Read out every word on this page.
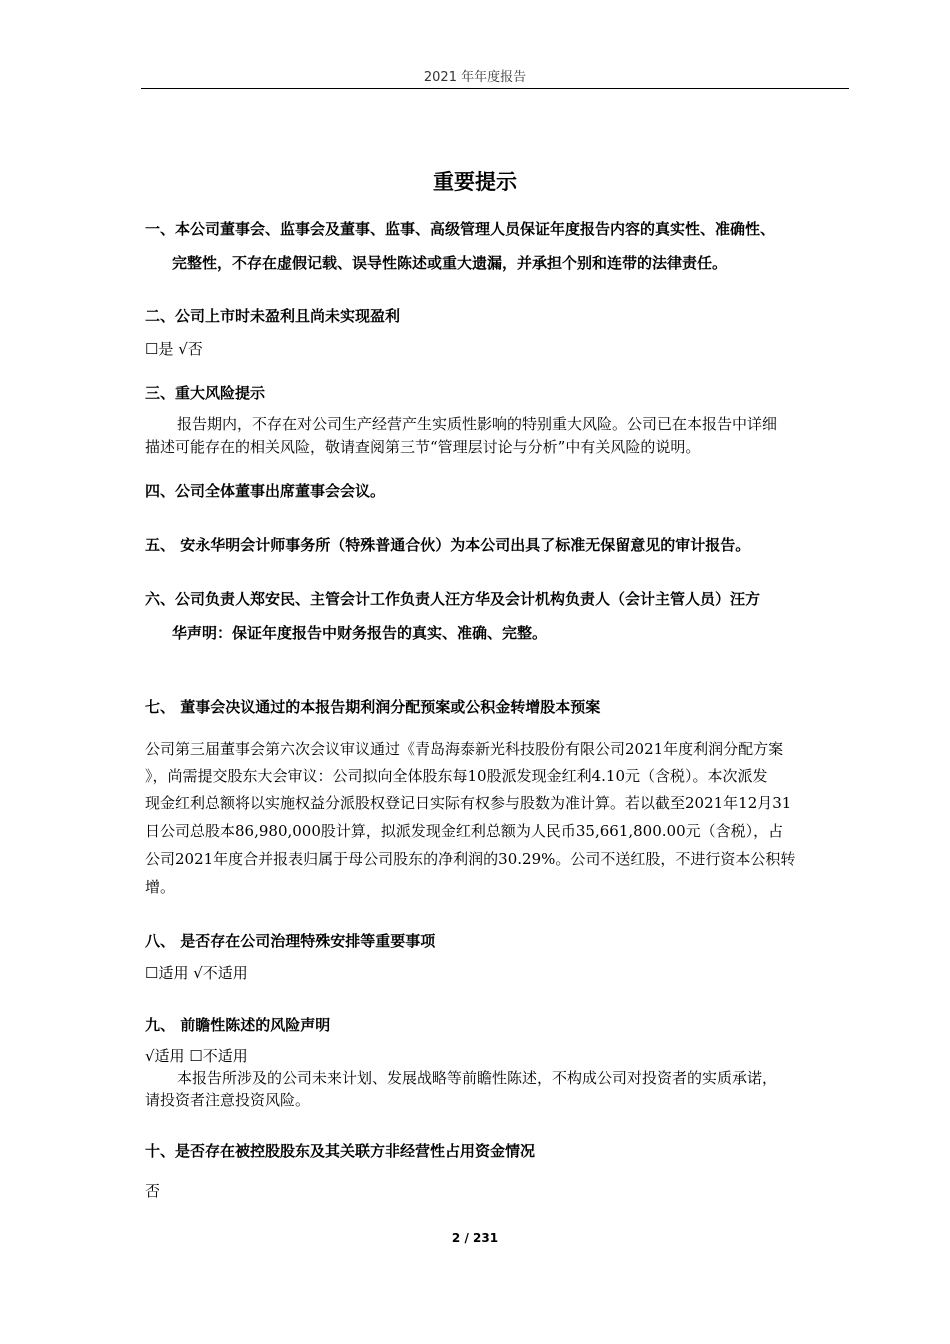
2021 年年度报告
重要提示
一、本公司董事会、监事会及董事、监事、高级管理人员保证年度报告内容的真实性、准确性、
完整性，不存在虚假记载、误导性陈述或重大遗漏，并承担个别和连带的法律责任。
二、公司上市时未盈利且尚未实现盈利
☐是 √否
三、重大风险提示
报告期内，不存在对公司生产经营产生实质性影响的特别重大风险。公司已在本报告中详细
描述可能存在的相关风险，敬请查阅第三节“管理层讨论与分析”中有关风险的说明。
四、公司全体董事出席董事会会议。
五、 安永华明会计师事务所（特殊普通合伙）为本公司出具了标准无保留意见的审计报告。
六、公司负责人郑安民、主管会计工作负责人汪方华及会计机构负责人（会计主管人员）汪方
华声明：保证年度报告中财务报告的真实、准确、完整。
七、 董事会决议通过的本报告期利润分配预案或公积金转增股本预案
公司第三届董事会第六次会议审议通过《青岛海泰新光科技股份有限公司2021年度利润分配方案
》，尚需提交股东大会审议：公司拟向全体股东每10股派发现金红利4.10元（含税）。本次派发
现金红利总额将以实施权益分派股权登记日实际有权参与股数为准计算。若以截至2021年12月31
日公司总股本86,980,000股计算，拟派发现金红利总额为人民币35,661,800.00元（含税），占
公司2021年度合并报表归属于母公司股东的净利润的30.29%。公司不送红股，不进行资本公积转
增。
八、 是否存在公司治理特殊安排等重要事项
☐适用 √不适用
九、 前瞻性陈述的风险声明
√适用 ☐不适用
本报告所涉及的公司未来计划、发展战略等前瞻性陈述，不构成公司对投资者的实质承诺，
请投资者注意投资风险。
十、是否存在被控股股东及其关联方非经营性占用资金情况
否
2 / 231
